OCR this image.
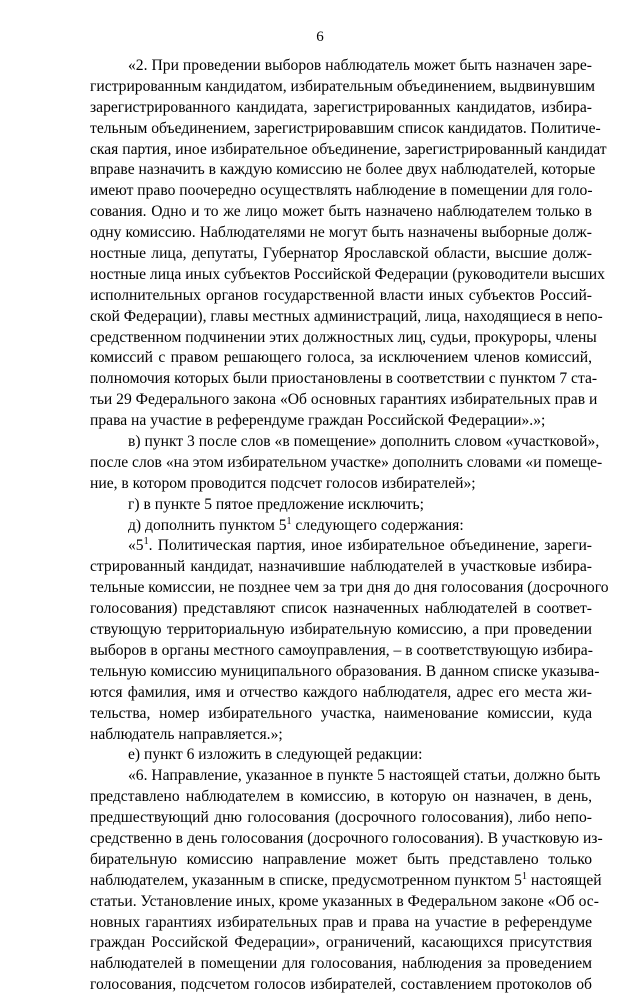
6
«2. При проведении выборов наблюдатель может быть назначен заре-
гистрированным кандидатом, избирательным объединением, выдвинувшим
зарегистрированного кандидата, зарегистрированных кандидатов, избира-
тельным объединением, зарегистрировавшим список кандидатов. Политиче-
ская партия, иное избирательное объединение, зарегистрированный кандидат
вправе назначить в каждую комиссию не более двух наблюдателей, которые
имеют право поочередно осуществлять наблюдение в помещении для голо-
сования. Одно и то же лицо может быть назначено наблюдателем только в
одну комиссию. Наблюдателями не могут быть назначены выборные долж-
ностные лица, депутаты, Губернатор Ярославской области, высшие долж-
ностные лица иных субъектов Российской Федерации (руководители высших
исполнительных органов государственной власти иных субъектов Россий-
ской Федерации), главы местных администраций, лица, находящиеся в непо-
средственном подчинении этих должностных лиц, судьи, прокуроры, члены
комиссий с правом решающего голоса, за исключением членов комиссий,
полномочия которых были приостановлены в соответствии с пунктом 7 ста-
тьи 29 Федерального закона «Об основных гарантиях избирательных прав и
права на участие в референдуме граждан Российской Федерации».»;
в) пункт 3 после слов «в помещение» дополнить словом «участковой»,
после слов «на этом избирательном участке» дополнить словами «и помеще-
ние, в котором проводится подсчет голосов избирателей»;
г) в пункте 5 пятое предложение исключить;
д) дополнить пунктом $5^1$ следующего содержания:
«$5^1$. Политическая партия, иное избирательное объединение, зареги-
стрированный кандидат, назначившие наблюдателей в участковые избира-
тельные комиссии, не позднее чем за три дня до дня голосования (досрочного
голосования) представляют список назначенных наблюдателей в соответ-
ствующую территориальную избирательную комиссию, а при проведении
выборов в органы местного самоуправления, – в соответствующую избира-
тельную комиссию муниципального образования. В данном списке указыва-
ются фамилия, имя и отчество каждого наблюдателя, адрес его места жи-
тельства, номер избирательного участка, наименование комиссии, куда
наблюдатель направляется.»;
е) пункт 6 изложить в следующей редакции:
«6. Направление, указанное в пункте 5 настоящей статьи, должно быть
представлено наблюдателем в комиссию, в которую он назначен, в день,
предшествующий дню голосования (досрочного голосования), либо непо-
средственно в день голосования (досрочного голосования). В участковую из-
бирательную комиссию направление может быть представлено только
наблюдателем, указанным в списке, предусмотренном пунктом $5^1$ настоящей
статьи. Установление иных, кроме указанных в Федеральном законе «Об ос-
новных гарантиях избирательных прав и права на участие в референдуме
граждан Российской Федерации», ограничений, касающихся присутствия
наблюдателей в помещении для голосования, наблюдения за проведением
голосования, подсчетом голосов избирателей, составлением протоколов об
